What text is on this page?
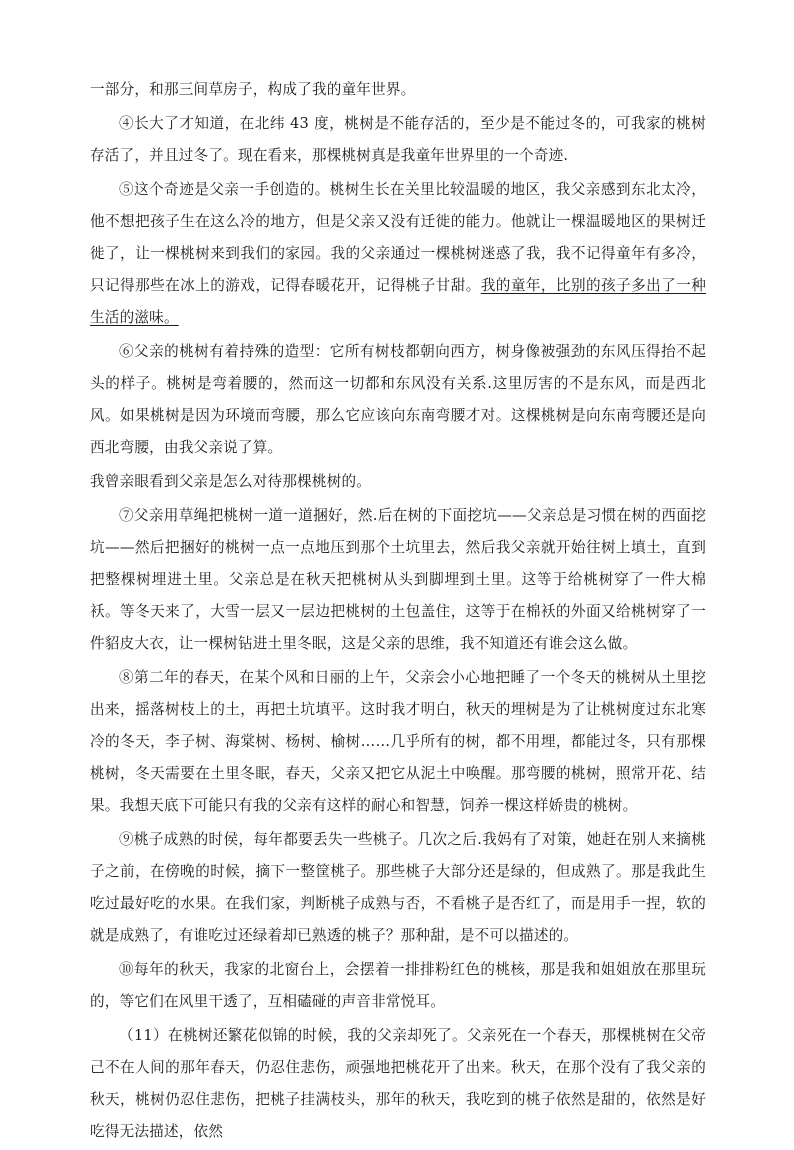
一部分，和那三间草房子，构成了我的童年世界。

④长大了才知道，在北纬 43 度，桃树是不能存活的，至少是不能过冬的，可我家的桃树存活了，并且过冬了。现在看来，那棵桃树真是我童年世界里的一个奇迹.

⑤这个奇迹是父亲一手创造的。桃树生长在关里比较温暖的地区，我父亲感到东北太冷，他不想把孩子生在这么冷的地方，但是父亲又没有迁徙的能力。他就让一棵温暖地区的果树迁徙了，让一棵桃树来到我们的家园。我的父亲通过一棵桃树迷惑了我，我不记得童年有多冷，只记得那些在冰上的游戏，记得春暖花开，记得桃子甘甜。我的童年，比别的孩子多出了一种生活的滋味。

⑥父亲的桃树有着持殊的造型：它所有树枝都朝向西方，树身像被强劲的东风压得抬不起头的样子。桃树是弯着腰的，然而这一切都和东风没有关系.这里厉害的不是东风，而是西北风。如果桃树是因为环境而弯腰，那么它应该向东南弯腰才对。这棵桃树是向东南弯腰还是向西北弯腰，由我父亲说了算。

我曾亲眼看到父亲是怎么对待那棵桃树的。

⑦父亲用草绳把桃树一道一道捆好，然.后在树的下面挖坑——父亲总是习惯在树的西面挖坑——然后把捆好的桃树一点一点地压到那个土坑里去，然后我父亲就开始往树上填土，直到把整棵树埋进土里。父亲总是在秋天把桃树从头到脚埋到土里。这等于给桃树穿了一件大棉袄。等冬天来了，大雪一层又一层边把桃树的土包盖住，这等于在棉袄的外面又给桃树穿了一件貂皮大衣，让一棵树钻进土里冬眠，这是父亲的思维，我不知道还有谁会这么做。

⑧第二年的春天，在某个风和日丽的上午，父亲会小心地把睡了一个冬天的桃树从土里挖出来，摇落树枝上的土，再把土坑填平。这时我才明白，秋天的埋树是为了让桃树度过东北寒冷的冬天，李子树、海棠树、杨树、榆树……几乎所有的树，都不用埋，都能过冬，只有那棵桃树，冬天需要在土里冬眠，春天，父亲又把它从泥土中唤醒。那弯腰的桃树，照常开花、结果。我想天底下可能只有我的父亲有这样的耐心和智慧，饲养一棵这样娇贵的桃树。

⑨桃子成熟的时侯，每年都要丢失一些桃子。几次之后.我妈有了对策，她赶在别人来摘桃子之前，在傍晚的时候，摘下一整筐桃子。那些桃子大部分还是绿的，但成熟了。那是我此生吃过最好吃的水果。在我们家，判断桃子成熟与否，不看桃子是否红了，而是用手一捏，软的就是成熟了，有谁吃过还绿着却已熟透的桃子？那种甜，是不可以描述的。

⑩每年的秋天，我家的北窗台上，会摆着一排排粉红色的桃核，那是我和姐姐放在那里玩的，等它们在风里干透了，互相磕碰的声音非常悦耳。

（11）在桃树还繁花似锦的时候，我的父亲却死了。父亲死在一个春天，那棵桃树在父帝己不在人间的那年春天，仍忍住悲伤，顽强地把桃花开了出来。秋天，在那个没有了我父亲的秋天，桃树仍忍住悲伤，把桃子挂满枝头，那年的秋天，我吃到的桃子依然是甜的，依然是好吃得无法描述，依然
